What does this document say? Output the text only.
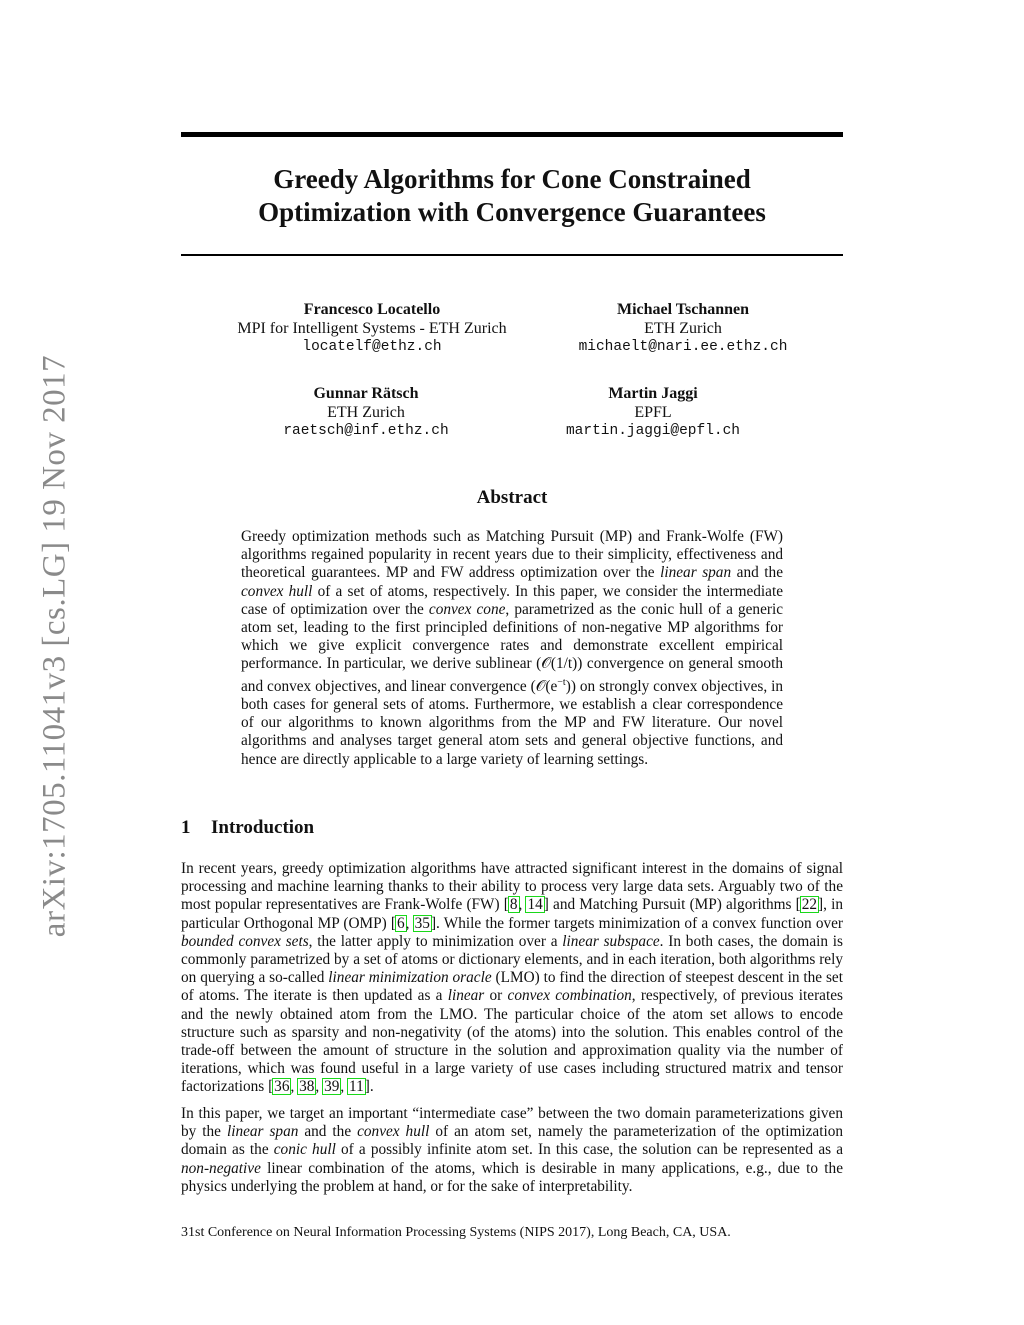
arXiv:1705.11041v3 [cs.LG] 19 Nov 2017
Greedy Algorithms for Cone Constrained
Optimization with Convergence Guarantees
Francesco Locatello
MPI for Intelligent Systems - ETH Zurich
locatelf@ethz.ch
Michael Tschannen
ETH Zurich
michaelt@nari.ee.ethz.ch
Gunnar Rätsch
ETH Zurich
raetsch@inf.ethz.ch
Martin Jaggi
EPFL
martin.jaggi@epfl.ch
Abstract
Greedy optimization methods such as Matching Pursuit (MP) and Frank-Wolfe (FW) algorithms regained popularity in recent years due to their simplicity, effectiveness and theoretical guarantees. MP and FW address optimization over the linear span and the convex hull of a set of atoms, respectively. In this paper, we consider the intermediate case of optimization over the convex cone, parametrized as the conic hull of a generic atom set, leading to the first principled definitions of non-negative MP algorithms for which we give explicit convergence rates and demonstrate excellent empirical performance. In particular, we derive sublinear (𝒪(1/t)) convergence on general smooth and convex objectives, and linear convergence $(𝒪(e^{-t}))$ on strongly convex objectives, in both cases for general sets of atoms. Furthermore, we establish a clear correspondence of our algorithms to known algorithms from the MP and FW literature. Our novel algorithms and analyses target general atom sets and general objective functions, and hence are directly applicable to a large variety of learning settings.
1 Introduction
In recent years, greedy optimization algorithms have attracted significant interest in the domains of signal processing and machine learning thanks to their ability to process very large data sets. Arguably two of the most popular representatives are Frank-Wolfe (FW) [8, 14] and Matching Pursuit (MP) algorithms [22], in particular Orthogonal MP (OMP) [6, 35]. While the former targets minimization of a convex function over bounded convex sets, the latter apply to minimization over a linear subspace. In both cases, the domain is commonly parametrized by a set of atoms or dictionary elements, and in each iteration, both algorithms rely on querying a so-called linear minimization oracle (LMO) to find the direction of steepest descent in the set of atoms. The iterate is then updated as a linear or convex combination, respectively, of previous iterates and the newly obtained atom from the LMO. The particular choice of the atom set allows to encode structure such as sparsity and non-negativity (of the atoms) into the solution. This enables control of the trade-off between the amount of structure in the solution and approximation quality via the number of iterations, which was found useful in a large variety of use cases including structured matrix and tensor factorizations [36, 38, 39, 11].
In this paper, we target an important “intermediate case” between the two domain parameterizations given by the linear span and the convex hull of an atom set, namely the parameterization of the optimization domain as the conic hull of a possibly infinite atom set. In this case, the solution can be represented as a non-negative linear combination of the atoms, which is desirable in many applications, e.g., due to the physics underlying the problem at hand, or for the sake of interpretability.
31st Conference on Neural Information Processing Systems (NIPS 2017), Long Beach, CA, USA.
